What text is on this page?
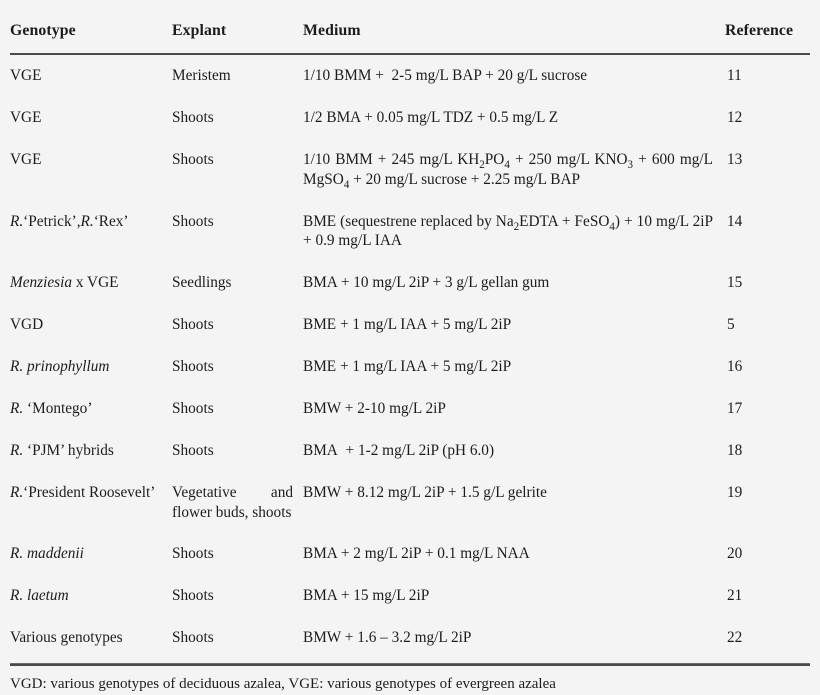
Genotype	Explant	Medium	Reference
VGE	Meristem	1/10 BMM +  2-5 mg/L BAP + 20 g/L sucrose	11
VGE	Shoots	1/2 BMA + 0.05 mg/L TDZ + 0.5 mg/L Z	12
VGE	Shoots	1/10 BMM + 245 mg/L $KH_2PO_4 + 250$ mg/L $KNO_3 + 600$ mg/L MgSO$_4$ + 20 mg/L sucrose + 2.25 mg/L BAP	13
R.‘Petrick’,R.‘Rex’	Shoots	BME (sequestrene replaced by $Na_2EDTA$ + FeSO$_4$) + 10 mg/L 2iP + 0.9 mg/L IAA	14
Menziesia x VGE	Seedlings	BMA + 10 mg/L 2iP + 3 g/L gellan gum	15
VGD	Shoots	BME + 1 mg/L IAA + 5 mg/L 2iP	5
R. prinophyllum	Shoots	BME + 1 mg/L IAA + 5 mg/L 2iP	16
R. ‘Montego’	Shoots	BMW + 2-10 mg/L 2iP	17
R. ‘PJM’ hybrids	Shoots	BMA  + 1-2 mg/L 2iP (pH 6.0)	18
R.‘President Roosevelt’	Vegetative and flower buds, shoots	BMW + 8.12 mg/L 2iP + 1.5 g/L gelrite	19
R. maddenii	Shoots	BMA + 2 mg/L 2iP + 0.1 mg/L NAA	20
R. laetum	Shoots	BMA + 15 mg/L 2iP	21
Various genotypes	Shoots	BMW + 1.6 – 3.2 mg/L 2iP	22
VGD: various genotypes of deciduous azalea, VGE: various genotypes of evergreen azalea
